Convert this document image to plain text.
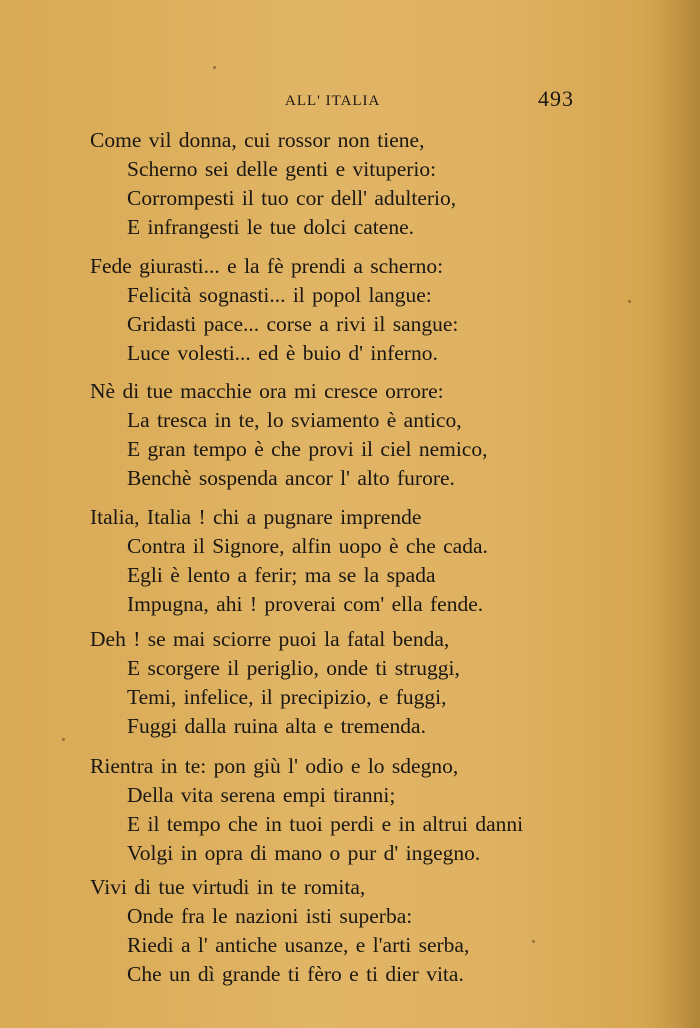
ALL' ITALIA	493
Come vil donna, cui rossor non tiene,
Scherno sei delle genti e vituperio:
Corrompesti il tuo cor dell' adulterio,
E infrangesti le tue dolci catene.
Fede giurasti... e la fè prendi a scherno:
Felicità sognasti... il popol langue:
Gridasti pace... corse a rivi il sangue:
Luce volesti... ed è buio d' inferno.
Nè di tue macchie ora mi cresce orrore:
La tresca in te, lo sviamento è antico,
E gran tempo è che provi il ciel nemico,
Benchè sospenda ancor l' alto furore.
Italia, Italia ! chi a pugnare imprende
Contra il Signore, alfin uopo è che cada.
Egli è lento a ferir; ma se la spada
Impugna, ahi ! proverai com' ella fende.
Deh ! se mai sciorre puoi la fatal benda,
E scorgere il periglio, onde ti struggi,
Temi, infelice, il precipizio, e fuggi,
Fuggi dalla ruina alta e tremenda.
Rientra in te: pon giù l' odio e lo sdegno,
Della vita serena empi tiranni;
E il tempo che in tuoi perdi e in altrui danni
Volgi in opra di mano o pur d' ingegno.
Vivi di tue virtudi in te romita,
Onde fra le nazioni isti superba:
Riedi a l' antiche usanze, e l'arti serba,
Che un dì grande ti fèro e ti dier vita.
